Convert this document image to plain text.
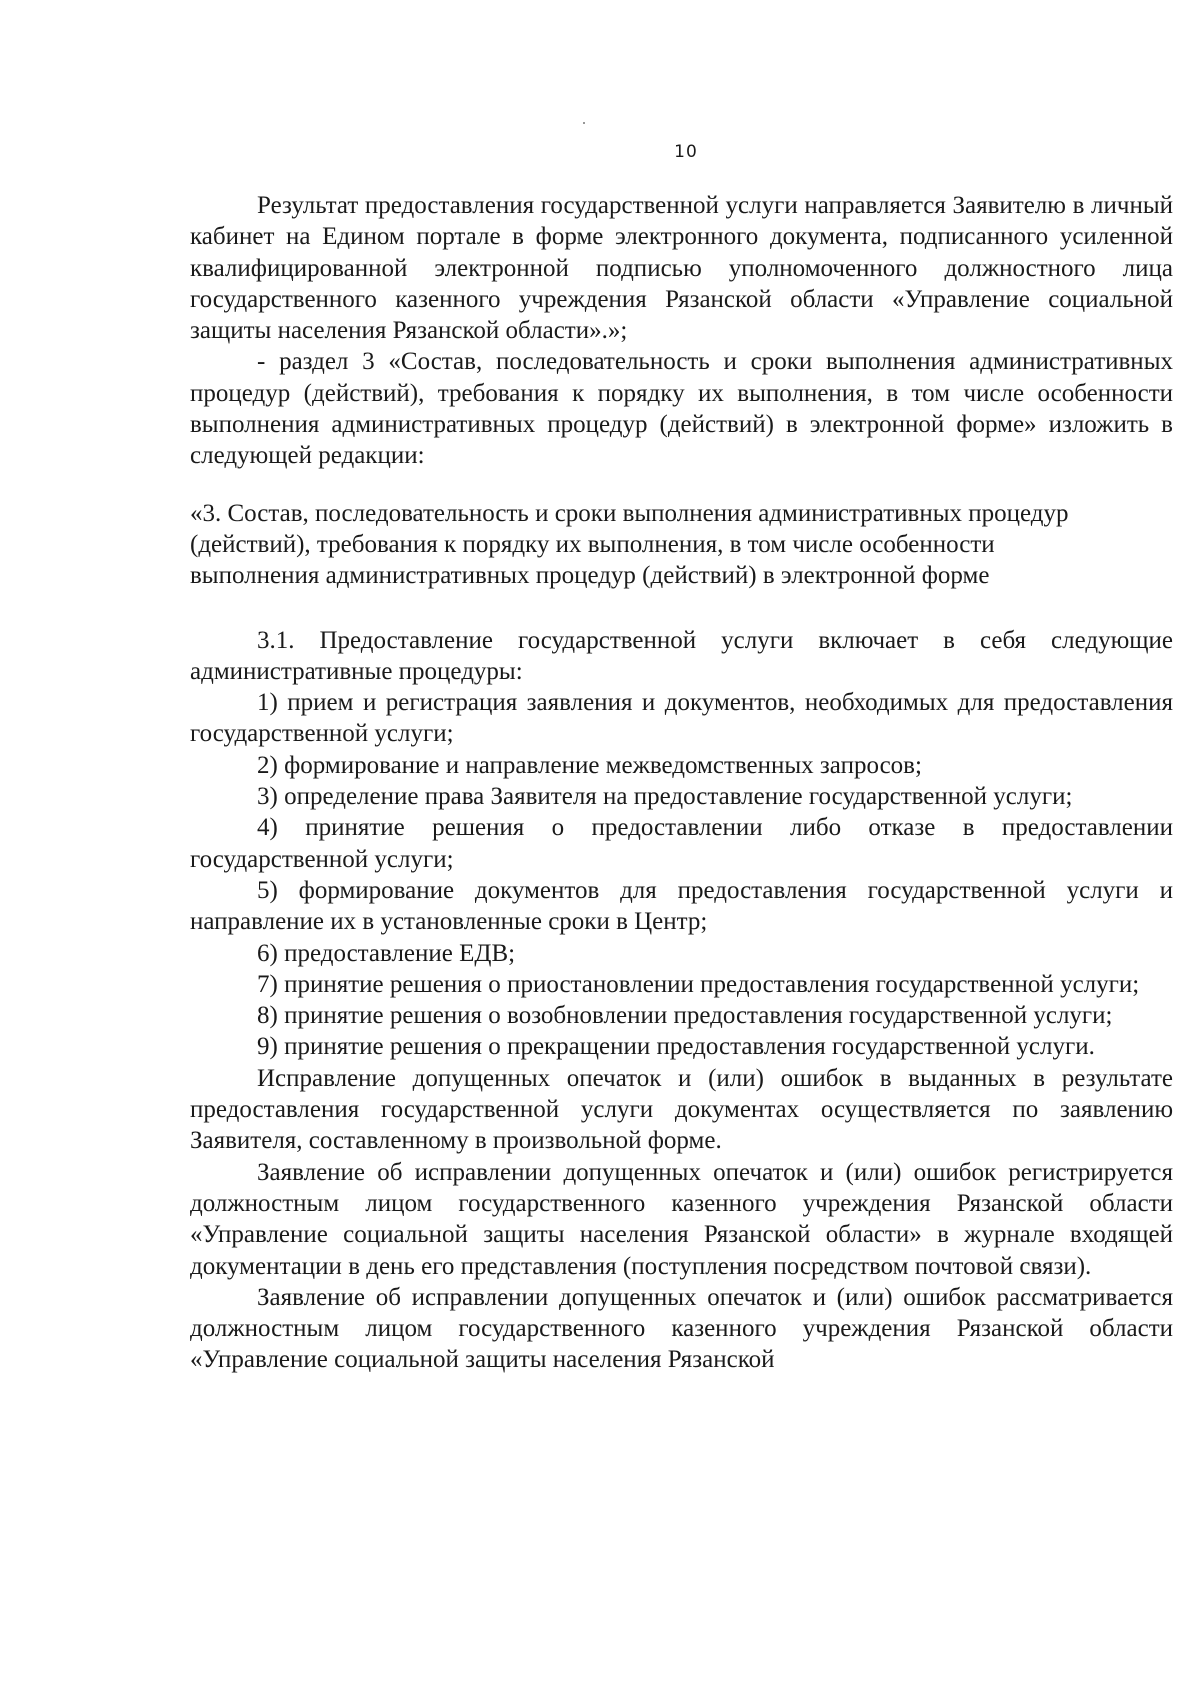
10

Результат предоставления государственной услуги направляется Заявителю в личный кабинет на Едином портале в форме электронного документа, подписанного усиленной квалифицированной электронной подписью уполномоченного должностного лица государственного казенного учреждения Рязанской области «Управление социальной защиты населения Рязанской области».»;

- раздел 3 «Состав, последовательность и сроки выполнения административных процедур (действий), требования к порядку их выполнения, в том числе особенности выполнения административных процедур (действий) в электронной форме» изложить в следующей редакции:

«3. Состав, последовательность и сроки выполнения административных процедур
(действий), требования к порядку их выполнения, в том числе особенности
выполнения административных процедур (действий) в электронной форме

3.1. Предоставление государственной услуги включает в себя следующие административные процедуры:

1) прием и регистрация заявления и документов, необходимых для предоставления государственной услуги;

2) формирование и направление межведомственных запросов;

3) определение права Заявителя на предоставление государственной услуги;

4) принятие решения о предоставлении либо отказе в предоставлении государственной услуги;

5) формирование документов для предоставления государственной услуги и направление их в установленные сроки в Центр;

6) предоставление ЕДВ;

7) принятие решения о приостановлении предоставления государственной услуги;

8) принятие решения о возобновлении предоставления государственной услуги;

9) принятие решения о прекращении предоставления государственной услуги.

Исправление допущенных опечаток и (или) ошибок в выданных в результате предоставления государственной услуги документах осуществляется по заявлению Заявителя, составленному в произвольной форме.

Заявление об исправлении допущенных опечаток и (или) ошибок регистрируется должностным лицом государственного казенного учреждения Рязанской области «Управление социальной защиты населения Рязанской области» в журнале входящей документации в день его представления (поступления посредством почтовой связи).

Заявление об исправлении допущенных опечаток и (или) ошибок рассматривается должностным лицом государственного казенного учреждения Рязанской области «Управление социальной защиты населения Рязанской
